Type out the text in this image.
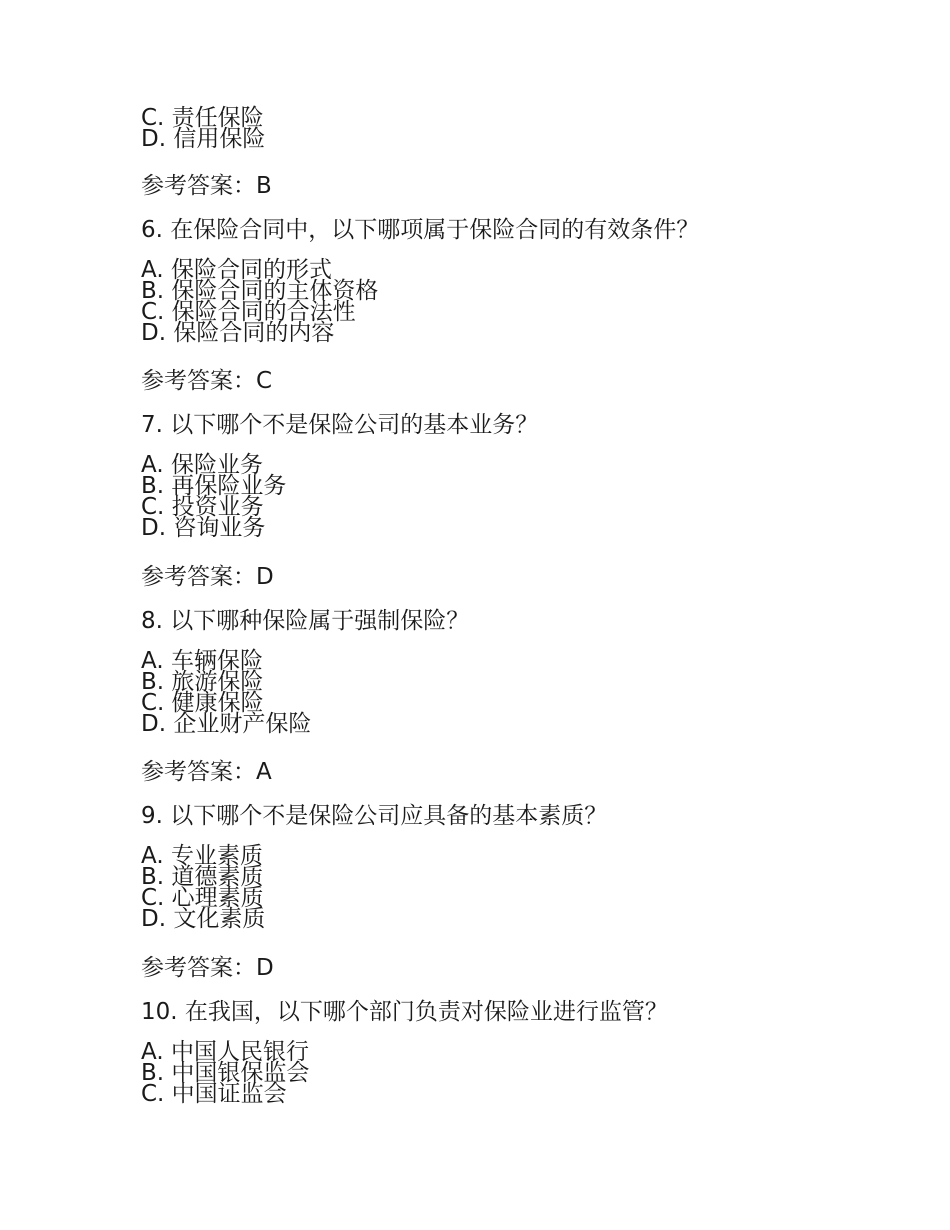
C. 责任保险
D. 信用保险
参考答案：B
6. 在保险合同中，以下哪项属于保险合同的有效条件？
A. 保险合同的形式
B. 保险合同的主体资格
C. 保险合同的合法性
D. 保险合同的内容
参考答案：C
7. 以下哪个不是保险公司的基本业务？
A. 保险业务
B. 再保险业务
C. 投资业务
D. 咨询业务
参考答案：D
8. 以下哪种保险属于强制保险？
A. 车辆保险
B. 旅游保险
C. 健康保险
D. 企业财产保险
参考答案：A
9. 以下哪个不是保险公司应具备的基本素质？
A. 专业素质
B. 道德素质
C. 心理素质
D. 文化素质
参考答案：D
10. 在我国，以下哪个部门负责对保险业进行监管？
A. 中国人民银行
B. 中国银保监会
C. 中国证监会
